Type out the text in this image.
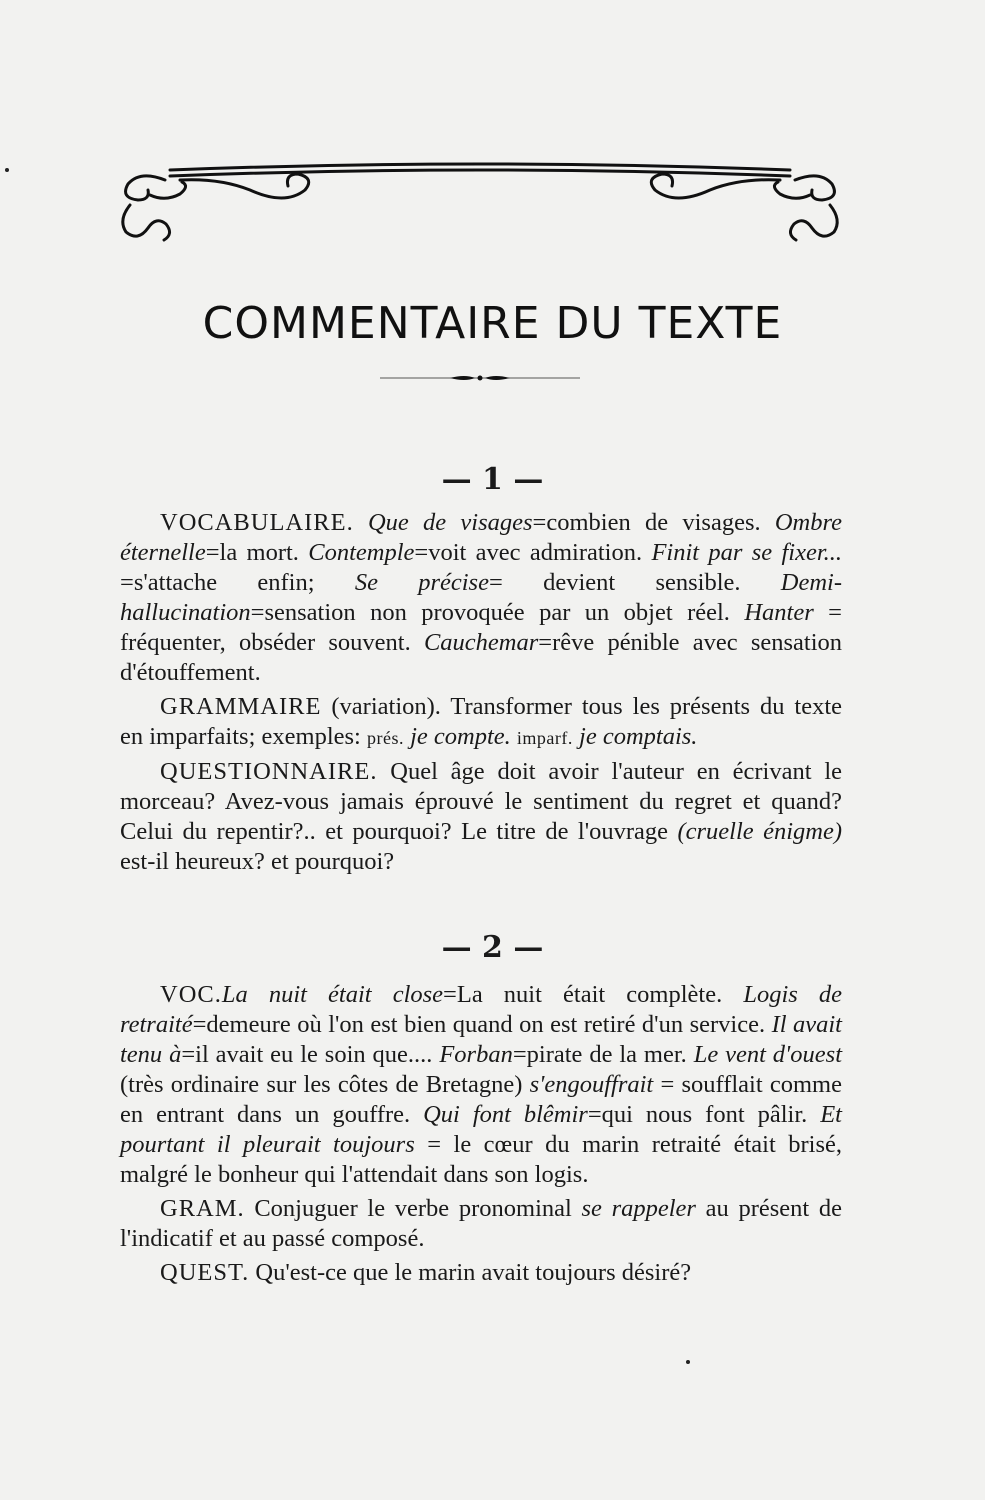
COMMENTAIRE DU TEXTE
— 1 —

VOCABULAIRE. Que de visages=combien de visages. Ombre éternelle=la mort. Contemple=voit avec admiration. Finit par se fixer... =s'attache enfin; Se précise= devient sensible. Demi-hallucination=sensation non provoquée par un objet réel. Hanter = fréquenter, obséder souvent. Cauchemar=rêve pénible avec sensation d'étouffement.

GRAMMAIRE (variation). Transformer tous les présents du texte en imparfaits; exemples: prés. je compte. imparf. je comptais.

QUESTIONNAIRE. Quel âge doit avoir l'auteur en écrivant le morceau? Avez-vous jamais éprouvé le sentiment du regret et quand? Celui du repentir?.. et pourquoi? Le titre de l'ouvrage (cruelle énigme) est-il heureux? et pourquoi?

— 2 —

VOC.La nuit était close=La nuit était complète. Logis de retraité=demeure où l'on est bien quand on est retiré d'un service. Il avait tenu à=il avait eu le soin que.... Forban=pirate de la mer. Le vent d'ouest (très ordinaire sur les côtes de Bretagne) s'engouffrait = soufflait comme en entrant dans un gouffre. Qui font blêmir=qui nous font pâlir. Et pourtant il pleurait toujours = le cœur du marin retraité était brisé, malgré le bonheur qui l'attendait dans son logis.

GRAM. Conjuguer le verbe pronominal se rappeler au présent de l'indicatif et au passé composé.

QUEST. Qu'est-ce que le marin avait toujours désiré?
